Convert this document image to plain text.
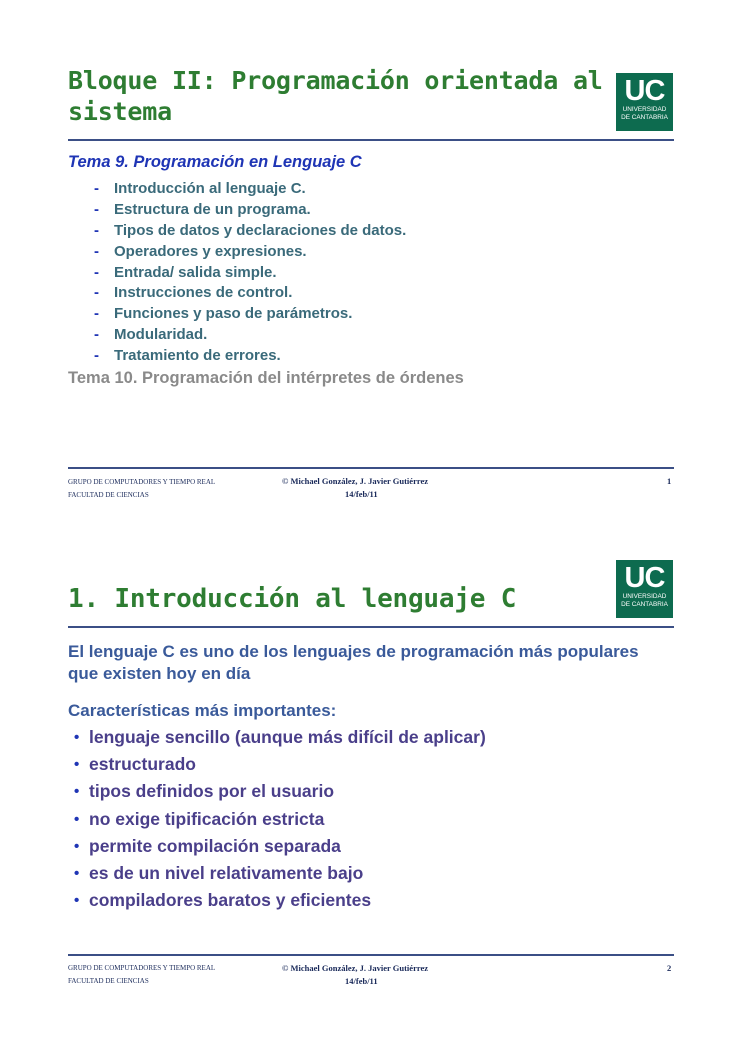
Bloque II: Programación orientada al sistema
UC
UNIVERSIDAD
DE CANTABRIA
Tema 9. Programación en Lenguaje C
- Introducción al lenguaje C.
- Estructura de un programa.
- Tipos de datos y declaraciones de datos.
- Operadores y expresiones.
- Entrada/ salida simple.
- Instrucciones de control.
- Funciones y paso de parámetros.
- Modularidad.
- Tratamiento de errores.

Tema 10. Programación del intérpretes de órdenes

GRUPO DE COMPUTADORES Y TIEMPO REAL
FACULTAD DE CIENCIAS
© Michael González, J. Javier Gutiérrez
14/feb/11
1
1. Introducción al lenguaje C
UC
UNIVERSIDAD
DE CANTABRIA

El lenguaje C es uno de los lenguajes de programación más populares que existen hoy en día

Características más importantes:

• lenguaje sencillo (aunque más difícil de aplicar)
• estructurado
• tipos definidos por el usuario
• no exige tipificación estricta
• permite compilación separada
• es de un nivel relativamente bajo
• compiladores baratos y eficientes
GRUPO DE COMPUTADORES Y TIEMPO REAL
FACULTAD DE CIENCIAS
© Michael González, J. Javier Gutiérrez
14/feb/11
2
